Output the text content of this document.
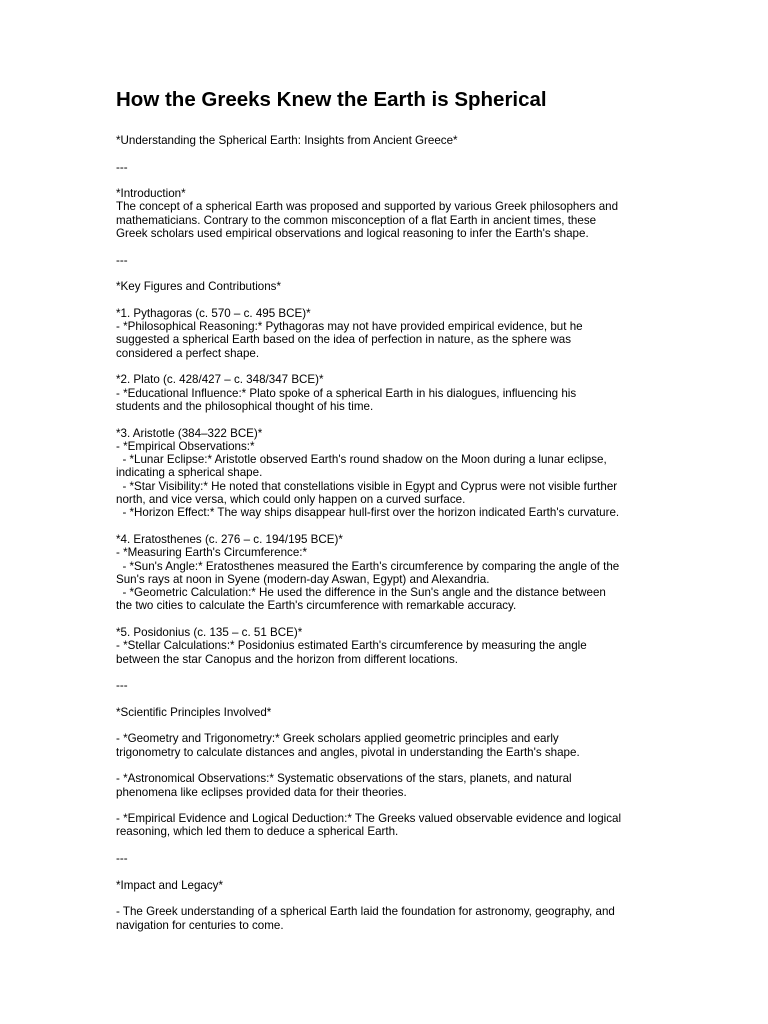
How the Greeks Knew the Earth is Spherical
*Understanding the Spherical Earth: Insights from Ancient Greece*
---
*Introduction*
The concept of a spherical Earth was proposed and supported by various Greek philosophers and
mathematicians. Contrary to the common misconception of a flat Earth in ancient times, these
Greek scholars used empirical observations and logical reasoning to infer the Earth's shape.
---
*Key Figures and Contributions*
*1. Pythagoras (c. 570 – c. 495 BCE)*
- *Philosophical Reasoning:* Pythagoras may not have provided empirical evidence, but he
suggested a spherical Earth based on the idea of perfection in nature, as the sphere was
considered a perfect shape.
*2. Plato (c. 428/427 – c. 348/347 BCE)*
- *Educational Influence:* Plato spoke of a spherical Earth in his dialogues, influencing his
students and the philosophical thought of his time.
*3. Aristotle (384–322 BCE)*
- *Empirical Observations:*
- *Lunar Eclipse:* Aristotle observed Earth's round shadow on the Moon during a lunar eclipse,
indicating a spherical shape.
- *Star Visibility:* He noted that constellations visible in Egypt and Cyprus were not visible further
north, and vice versa, which could only happen on a curved surface.
- *Horizon Effect:* The way ships disappear hull-first over the horizon indicated Earth's curvature.
*4. Eratosthenes (c. 276 – c. 194/195 BCE)*
- *Measuring Earth's Circumference:*
- *Sun's Angle:* Eratosthenes measured the Earth's circumference by comparing the angle of the
Sun's rays at noon in Syene (modern-day Aswan, Egypt) and Alexandria.
- *Geometric Calculation:* He used the difference in the Sun's angle and the distance between
the two cities to calculate the Earth's circumference with remarkable accuracy.
*5. Posidonius (c. 135 – c. 51 BCE)*
- *Stellar Calculations:* Posidonius estimated Earth's circumference by measuring the angle
between the star Canopus and the horizon from different locations.
---
*Scientific Principles Involved*
- *Geometry and Trigonometry:* Greek scholars applied geometric principles and early
trigonometry to calculate distances and angles, pivotal in understanding the Earth's shape.
- *Astronomical Observations:* Systematic observations of the stars, planets, and natural
phenomena like eclipses provided data for their theories.
- *Empirical Evidence and Logical Deduction:* The Greeks valued observable evidence and logical
reasoning, which led them to deduce a spherical Earth.
---
*Impact and Legacy*
- The Greek understanding of a spherical Earth laid the foundation for astronomy, geography, and
navigation for centuries to come.
